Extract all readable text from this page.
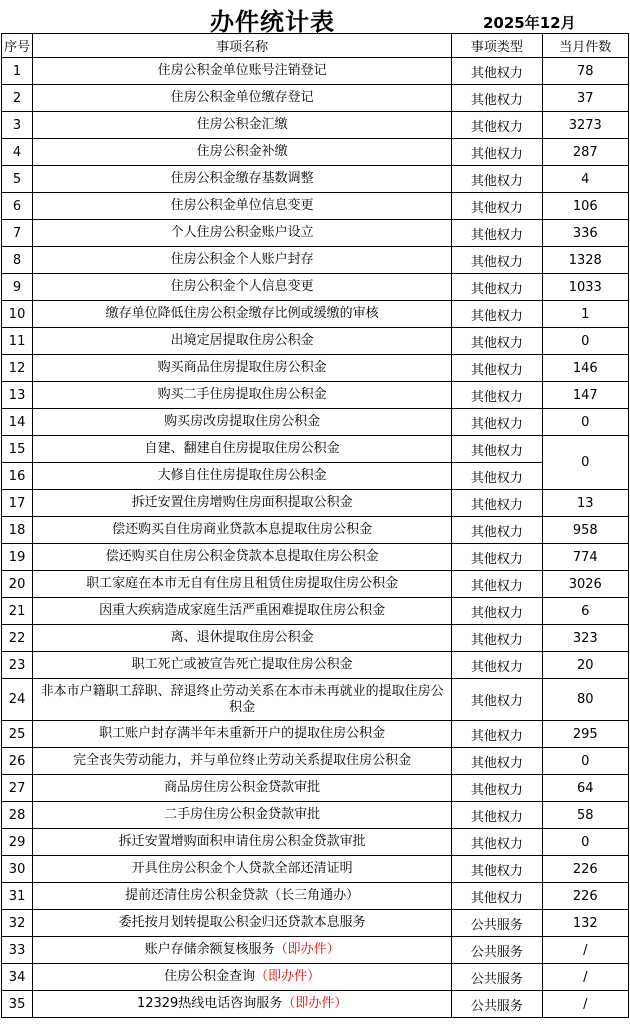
办件统计表	2025年12月
序号	事项名称	事项类型	当月件数
1	住房公积金单位账号注销登记	其他权力	78
2	住房公积金单位缴存登记	其他权力	37
3	住房公积金汇缴	其他权力	3273
4	住房公积金补缴	其他权力	287
5	住房公积金缴存基数调整	其他权力	4
6	住房公积金单位信息变更	其他权力	106
7	个人住房公积金账户设立	其他权力	336
8	住房公积金个人账户封存	其他权力	1328
9	住房公积金个人信息变更	其他权力	1033
10	缴存单位降低住房公积金缴存比例或缓缴的审核	其他权力	1
11	出境定居提取住房公积金	其他权力	0
12	购买商品住房提取住房公积金	其他权力	146
13	购买二手住房提取住房公积金	其他权力	147
14	购买房改房提取住房公积金	其他权力	0
15	自建、翻建自住房提取住房公积金	其他权力	0
16	大修自住住房提取住房公积金	其他权力	
17	拆迁安置住房增购住房面积提取公积金	其他权力	13
18	偿还购买自住房商业贷款本息提取住房公积金	其他权力	958
19	偿还购买自住房公积金贷款本息提取住房公积金	其他权力	774
20	职工家庭在本市无自有住房且租赁住房提取住房公积金	其他权力	3026
21	因重大疾病造成家庭生活严重困难提取住房公积金	其他权力	6
22	离、退休提取住房公积金	其他权力	323
23	职工死亡或被宣告死亡提取住房公积金	其他权力	20
24	非本市户籍职工辞职、辞退终止劳动关系在本市未再就业的提取住房公积金	其他权力	80
25	职工账户封存满半年未重新开户的提取住房公积金	其他权力	295
26	完全丧失劳动能力，并与单位终止劳动关系提取住房公积金	其他权力	0
27	商品房住房公积金贷款审批	其他权力	64
28	二手房住房公积金贷款审批	其他权力	58
29	拆迁安置增购面积申请住房公积金贷款审批	其他权力	0
30	开具住房公积金个人贷款全部还清证明	其他权力	226
31	提前还清住房公积金贷款（长三角通办）	其他权力	226
32	委托按月划转提取公积金归还贷款本息服务	公共服务	132
33	账户存储余额复核服务（即办件）	公共服务	/
34	住房公积金查询（即办件）	公共服务	/
35	12329热线电话咨询服务（即办件）	公共服务	/
